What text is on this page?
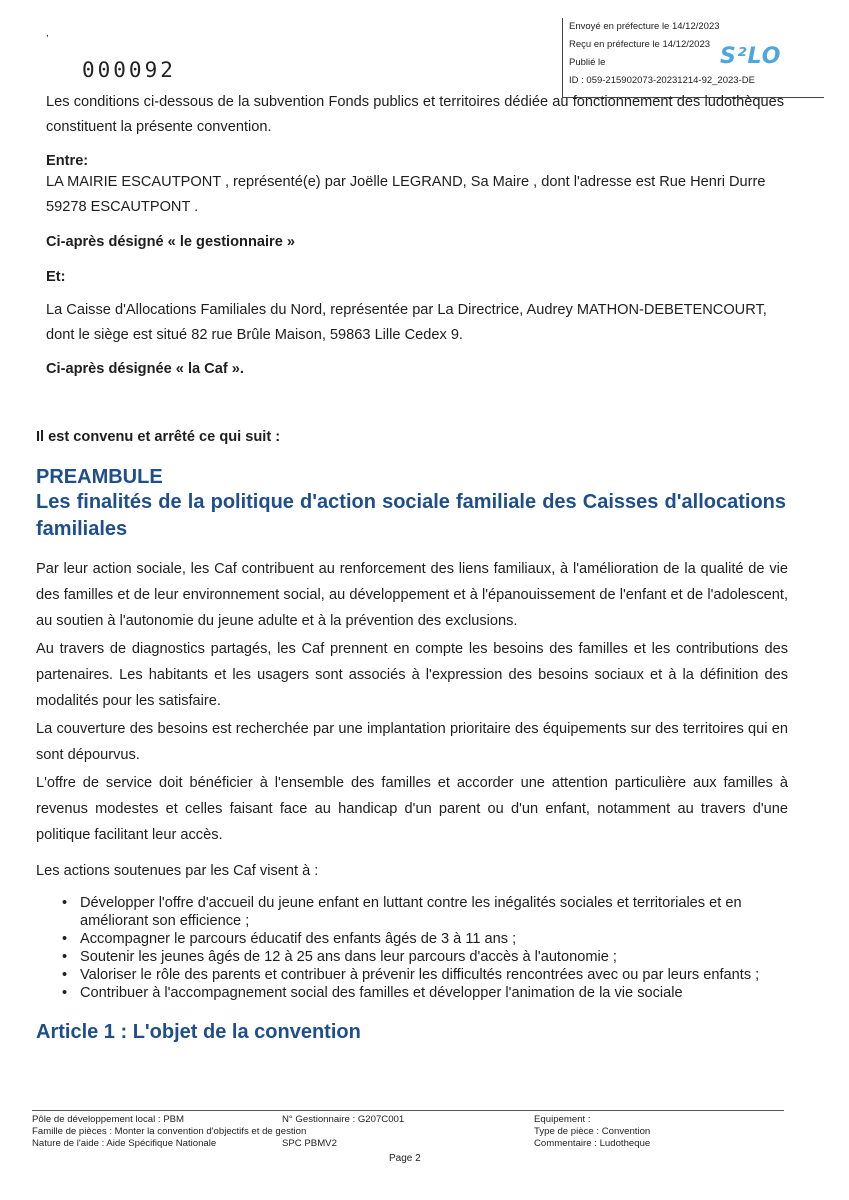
Envoyé en préfecture le 14/12/2023
Reçu en préfecture le 14/12/2023
Publié le
ID : 059-215902073-20231214-92_2023-DE
S²LO
,
000092

Les conditions ci-dessous de la subvention Fonds publics et territoires dédiée au fonctionnement des ludothèques constituent la présente convention.

Entre:

LA MAIRIE ESCAUTPONT , représenté(e) par Joëlle LEGRAND, Sa Maire , dont l'adresse est Rue Henri Durre 59278 ESCAUTPONT .

Ci-après désigné « le gestionnaire »

Et:

La Caisse d'Allocations Familiales du Nord, représentée par La Directrice, Audrey MATHON-DEBETENCOURT, dont le siège est situé 82 rue Brûle Maison, 59863 Lille Cedex 9.

Ci-après désignée « la Caf ».

Il est convenu et arrêté ce qui suit :

PREAMBULE
Les finalités de la politique d'action sociale familiale des Caisses d'allocations familiales

Par leur action sociale, les Caf contribuent au renforcement des liens familiaux, à l'amélioration de la qualité de vie des familles et de leur environnement social, au développement et à l'épanouissement de l'enfant et de l'adolescent, au soutien à l'autonomie du jeune adulte et à la prévention des exclusions.

Au travers de diagnostics partagés, les Caf prennent en compte les besoins des familles et les contributions des partenaires. Les habitants et les usagers sont associés à l'expression des besoins sociaux et à la définition des modalités pour les satisfaire.

La couverture des besoins est recherchée par une implantation prioritaire des équipements sur des territoires qui en sont dépourvus.

L'offre de service doit bénéficier à l'ensemble des familles et accorder une attention particulière aux familles à revenus modestes et celles faisant face au handicap d'un parent ou d'un enfant, notamment au travers d'une politique facilitant leur accès.

Les actions soutenues par les Caf visent à :

• Développer l'offre d'accueil du jeune enfant en luttant contre les inégalités sociales et territoriales et en améliorant son efficience ;
• Accompagner le parcours éducatif des enfants âgés de 3 à 11 ans ;
• Soutenir les jeunes âgés de 12 à 25 ans dans leur parcours d'accès à l'autonomie ;
• Valoriser le rôle des parents et contribuer à prévenir les difficultés rencontrées avec ou par leurs enfants ;
• Contribuer à l'accompagnement social des familles et développer l'animation de la vie sociale
Article 1 : L'objet de la convention
Pôle de développement local : PBM
Famille de pièces : Monter la convention d'objectifs et de gestion
Nature de l'aide : Aide Spécifique Nationale
N° Gestionnaire : G207C001
SPC PBMV2
Equipement :
Type de pièce : Convention
Commentaire : Ludotheque
Page 2
